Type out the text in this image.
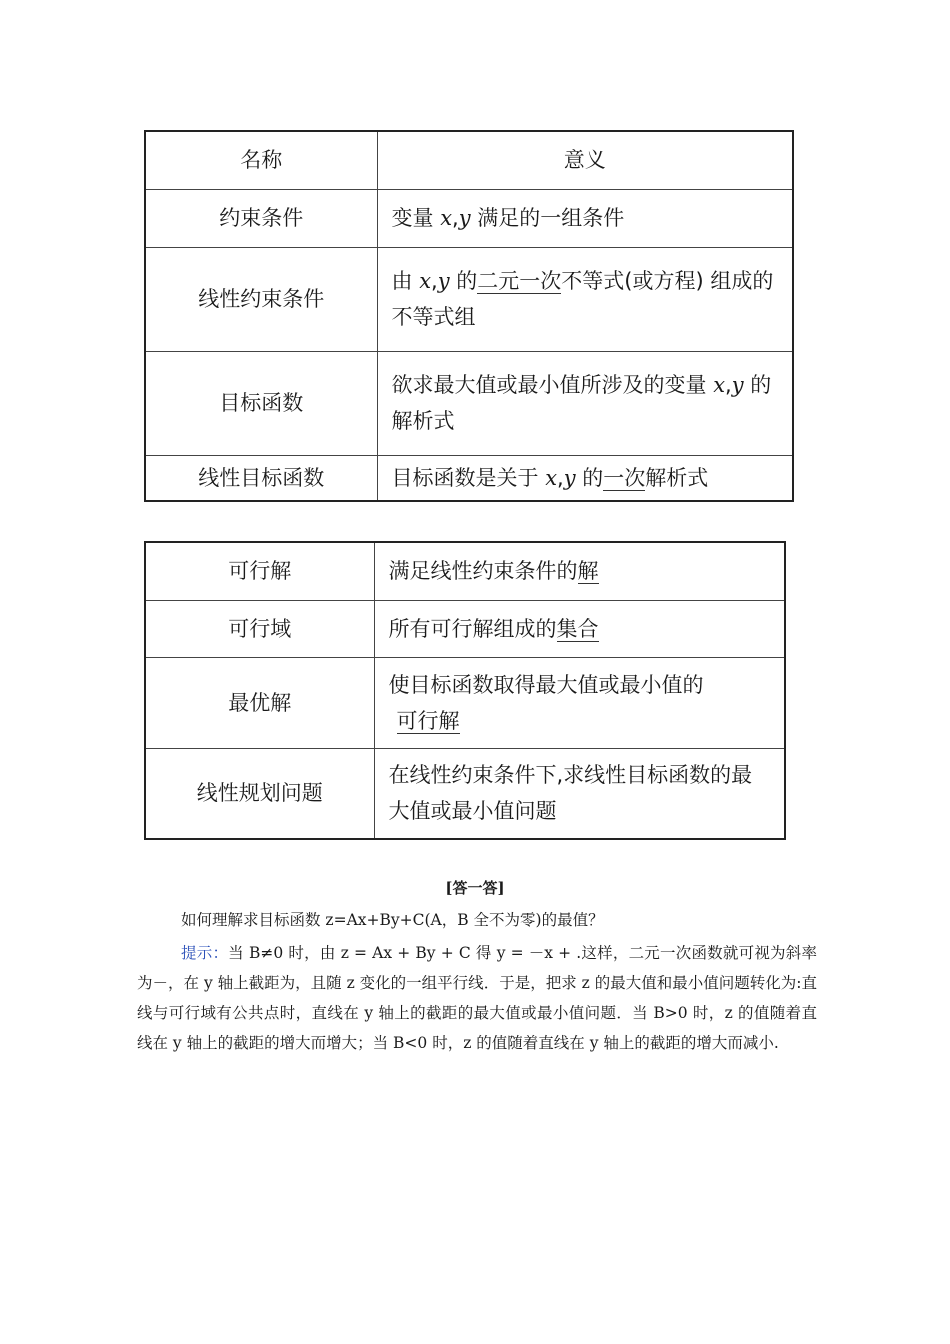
名称	意义
约束条件	变量 x,y 满足的一组条件
线性约束条件	由 x,y 的二元一次不等式(或方程) 组成的不等式组
目标函数	欲求最大值或最小值所涉及的变量 x,y 的解析式
线性目标函数	目标函数是关于 x,y 的一次解析式
可行解	满足线性约束条件的解
可行域	所有可行解组成的集合
最优解	使目标函数取得最大值或最小值的
可行解
线性规划问题	在线性约束条件下,求线性目标函数的最大值或最小值问题
[答一答]
如何理解求目标函数 z=Ax+By+C(A，B 全不为零)的最值？
提示：当 B≠0 时，由 z = Ax + By + C 得 y = －x + .这样，二元一次函数就可视为斜率为－，在 y 轴上截距为，且随 z 变化的一组平行线．于是，把求 z 的最大值和最小值问题转化为:直线与可行域有公共点时，直线在 y 轴上的截距的最大值或最小值问题．当 B>0 时，z 的值随着直线在 y 轴上的截距的增大而增大；当 B<0 时，z 的值随着直线在 y 轴上的截距的增大而减小.
